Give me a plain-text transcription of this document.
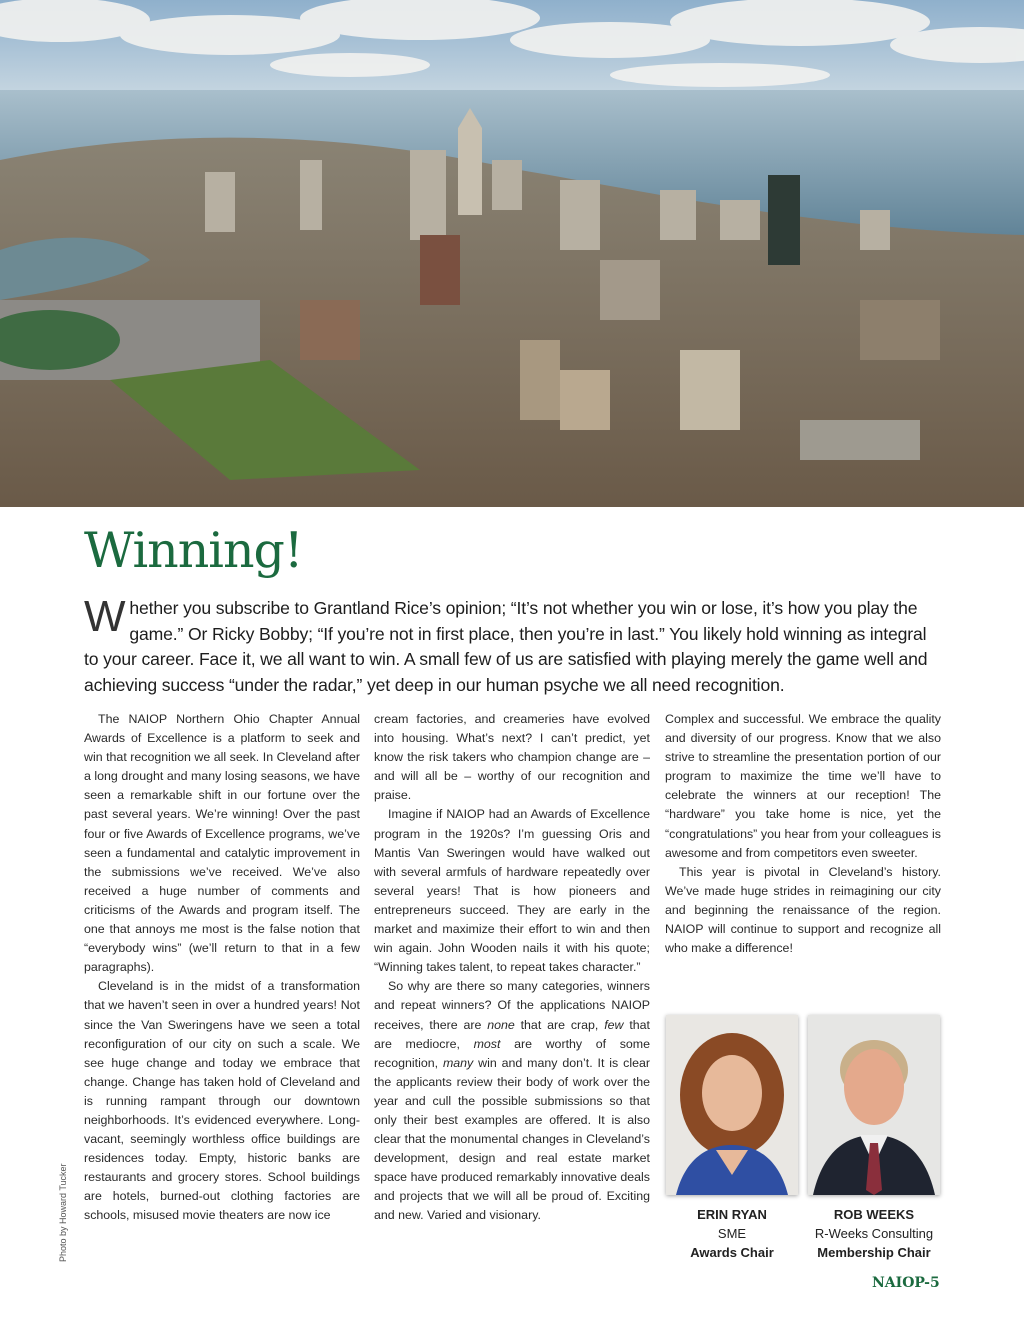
Winning!

Whether you subscribe to Grantland Rice’s opinion; “It’s not whether you win or lose, it’s how you play the game.” Or Ricky Bobby; “If you’re not in first place, then you’re in last.” You likely hold winning as integral to your career. Face it, we all want to win. A small few of us are satisfied with playing merely the game well and achieving success “under the radar,” yet deep in our human psyche we all need recognition.

Photo by Howard Tucker

The NAIOP Northern Ohio Chapter Annual Awards of Excellence is a platform to seek and win that recognition we all seek. In Cleveland after a long drought and many losing seasons, we have seen a remarkable shift in our fortune over the past several years. We’re winning! Over the past four or five Awards of Excellence programs, we’ve seen a fundamental and catalytic improvement in the submissions we’ve received. We’ve also received a huge number of comments and criticisms of the Awards and program itself. The one that annoys me most is the false notion that “everybody wins” (we’ll return to that in a few paragraphs).

Cleveland is in the midst of a transformation that we haven’t seen in over a hundred years! Not since the Van Sweringens have we seen a total reconfiguration of our city on such a scale. We see huge change and today we embrace that change. Change has taken hold of Cleveland and is running rampant through our downtown neighborhoods. It’s evidenced everywhere. Long-vacant, seemingly worthless office buildings are residences today. Empty, historic banks are restaurants and grocery stores. School buildings are hotels, burned-out clothing factories are schools, misused movie theaters are now ice

cream factories, and creameries have evolved into housing. What’s next? I can’t predict, yet know the risk takers who champion change are – and will all be – worthy of our recognition and praise.

Imagine if NAIOP had an Awards of Excellence program in the 1920s? I’m guessing Oris and Mantis Van Sweringen would have walked out with several armfuls of hardware repeatedly over several years! That is how pioneers and entrepreneurs succeed. They are early in the market and maximize their effort to win and then win again. John Wooden nails it with his quote; “Winning takes talent, to repeat takes character.”

So why are there so many categories, winners and repeat winners? Of the applications NAIOP receives, there are none that are crap, few that are mediocre, most are worthy of some recognition, many win and many don’t. It is clear the applicants review their body of work over the year and cull the possible submissions so that only their best examples are offered. It is also clear that the monumental changes in Cleveland’s development, design and real estate market space have produced remarkably innovative deals and projects that we will all be proud of. Exciting and new. Varied and visionary.

Complex and successful. We embrace the quality and diversity of our progress. Know that we also strive to streamline the presentation portion of our program to maximize the time we’ll have to celebrate the winners at our reception! The “hardware” you take home is nice, yet the “congratulations” you hear from your colleagues is awesome and from competitors even sweeter.

This year is pivotal in Cleveland’s history. We’ve made huge strides in reimagining our city and beginning the renaissance of the region. NAIOP will continue to support and recognize all who make a difference!

ERIN RYAN
SME
Awards Chair
ROB WEEKS
R-Weeks Consulting
Membership Chair
NAIOP-5
